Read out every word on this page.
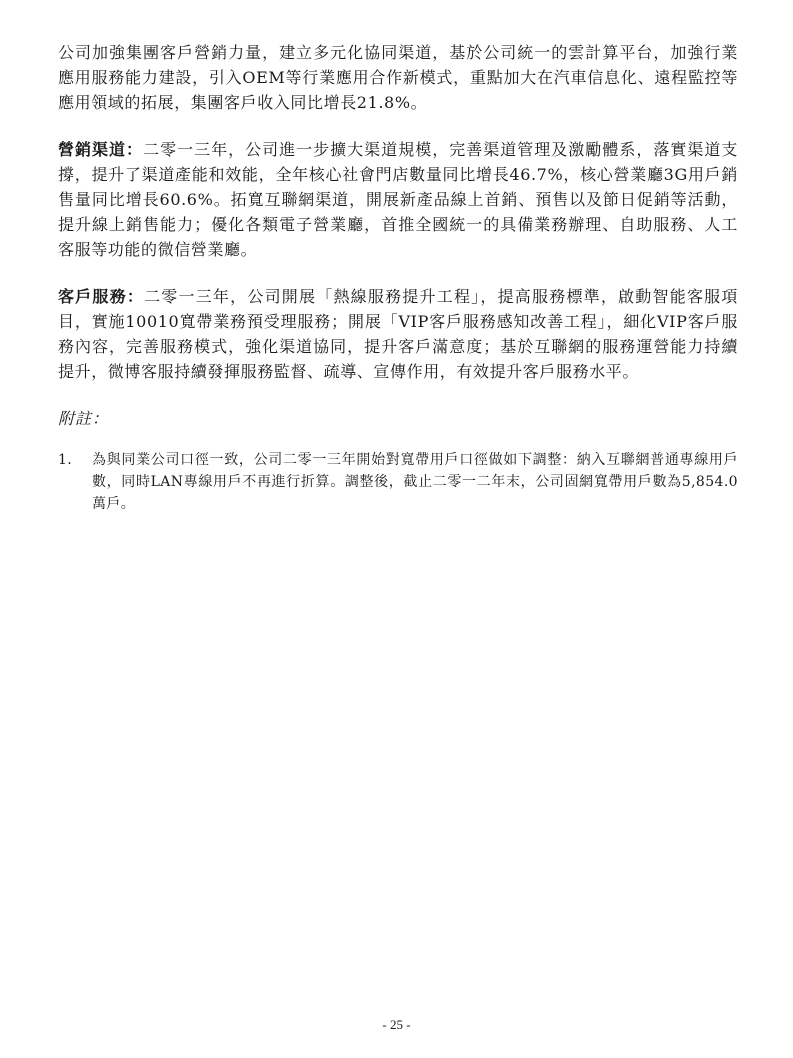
公司加強集團客戶營銷力量，建立多元化協同渠道，基於公司統一的雲計算平台，加強行業應用服務能力建設，引入OEM等行業應用合作新模式，重點加大在汽車信息化、遠程監控等應用領域的拓展，集團客戶收入同比增長21.8%。

營銷渠道：二零一三年，公司進一步擴大渠道規模，完善渠道管理及激勵體系，落實渠道支撐，提升了渠道產能和效能，全年核心社會門店數量同比增長46.7%，核心營業廳3G用戶銷售量同比增長60.6%。拓寬互聯網渠道，開展新產品線上首銷、預售以及節日促銷等活動，提升線上銷售能力；優化各類電子營業廳，首推全國統一的具備業務辦理、自助服務、人工客服等功能的微信營業廳。

客戶服務：二零一三年，公司開展「熱線服務提升工程」，提高服務標準，啟動智能客服項目，實施10010寬帶業務預受理服務；開展「VIP客戶服務感知改善工程」，細化VIP客戶服務內容，完善服務模式，強化渠道協同，提升客戶滿意度；基於互聯網的服務運營能力持續提升，微博客服持續發揮服務監督、疏導、宣傳作用，有效提升客戶服務水平。

附註：
1.	為與同業公司口徑一致，公司二零一三年開始對寬帶用戶口徑做如下調整：納入互聯網普通專線用戶數，同時LAN專線用戶不再進行折算。調整後，截止二零一二年末，公司固網寬帶用戶數為5,854.0萬戶。
- 25 -
